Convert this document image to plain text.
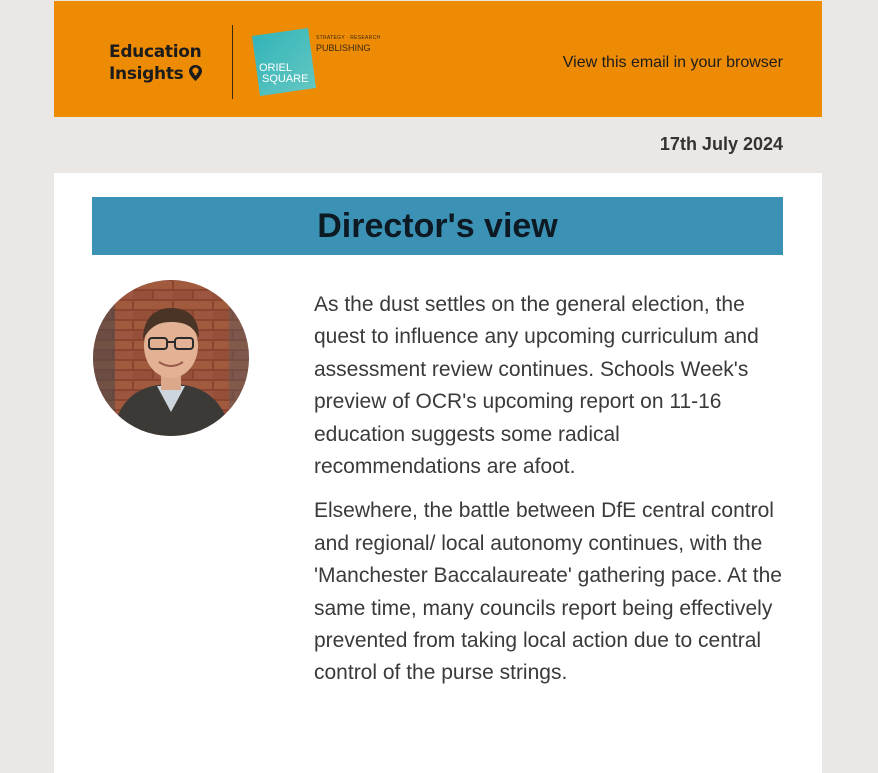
Education
Insights	ORIEL
SQUARE
STRATEGY · RESEARCH
PUBLISHING
View this email in your browser
17th July 2024
Director's view

As the dust settles on the general election, the quest to influence any upcoming curriculum and assessment review continues. Schools Week's preview of OCR's upcoming report on 11-16 education suggests some radical recommendations are afoot.

Elsewhere, the battle between DfE central control and regional/ local autonomy continues, with the 'Manchester Baccalaureate' gathering pace. At the same time, many councils report being effectively prevented from taking local action due to central control of the purse strings.
